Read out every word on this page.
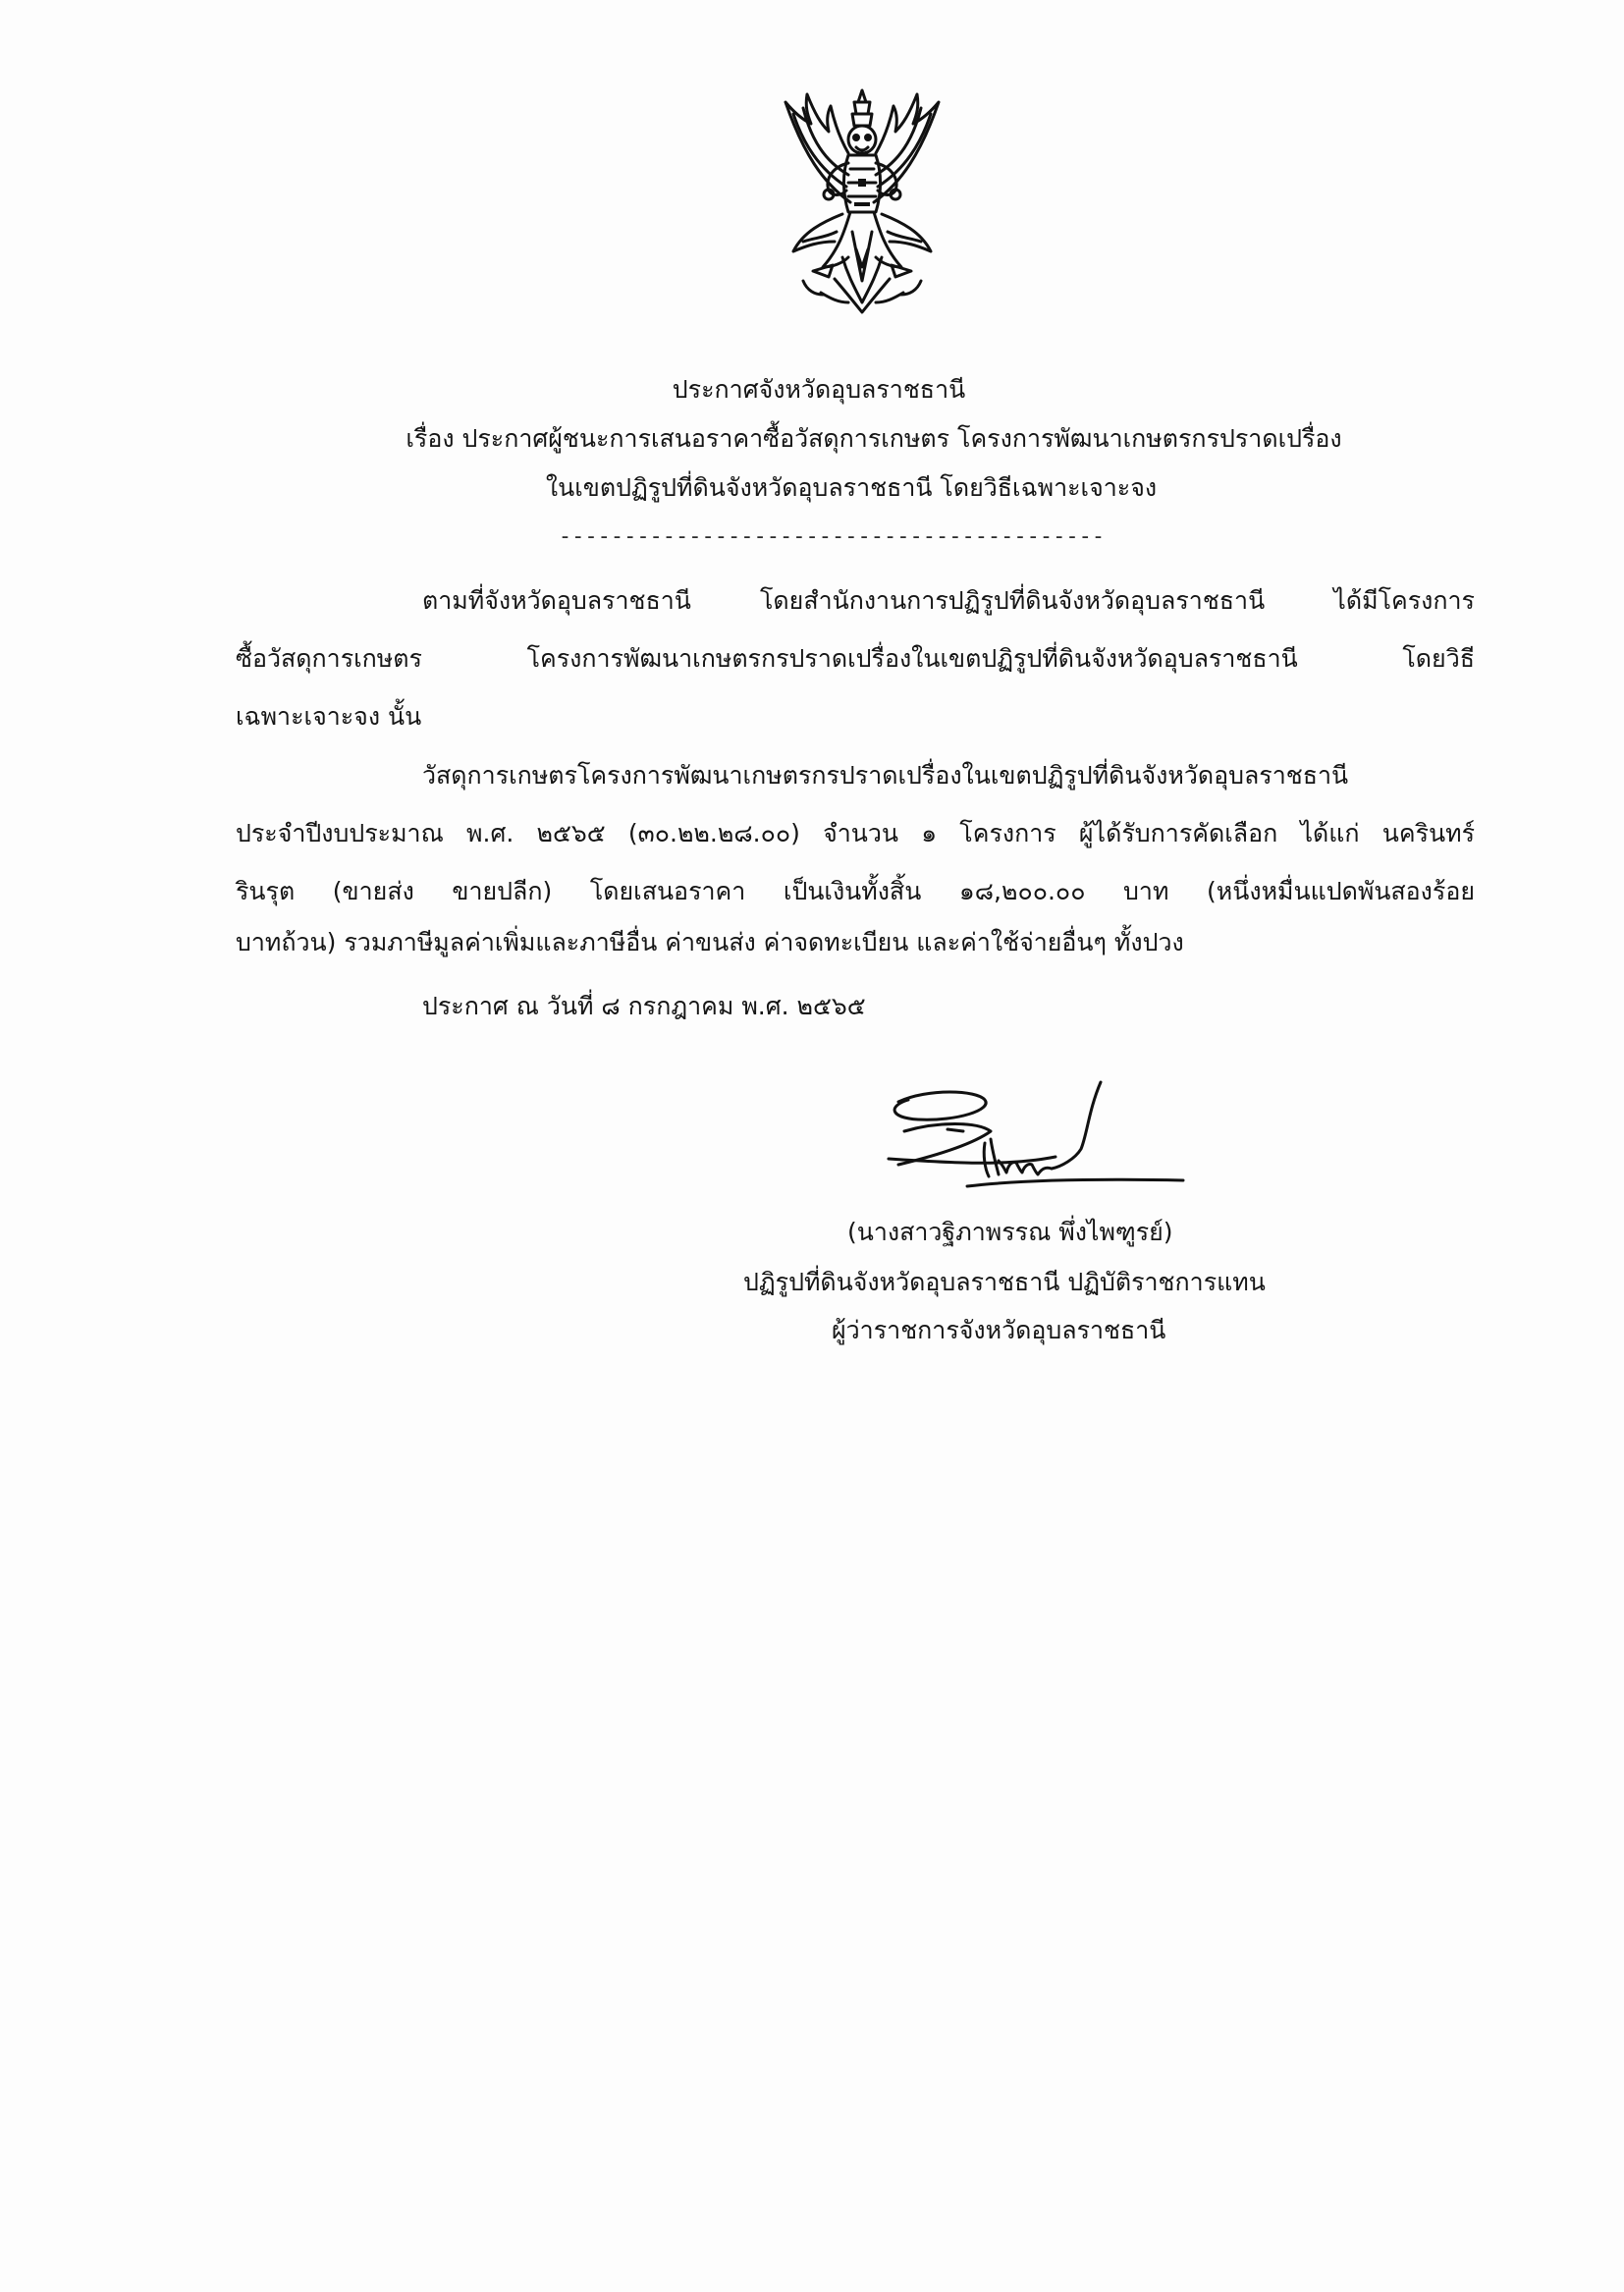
ประกาศจังหวัดอุบลราชธานี
เรื่อง ประกาศผู้ชนะการเสนอราคาซื้อวัสดุการเกษตร โครงการพัฒนาเกษตรกรปราดเปรื่อง
ในเขตปฏิรูปที่ดินจังหวัดอุบลราชธานี โดยวิธีเฉพาะเจาะจง
------------------------------------------
ตามที่จังหวัดอุบลราชธานี โดยสำนักงานการปฏิรูปที่ดินจังหวัดอุบลราชธานี ได้มีโครงการ
ซื้อวัสดุการเกษตร โครงการพัฒนาเกษตรกรปราดเปรื่องในเขตปฏิรูปที่ดินจังหวัดอุบลราชธานี โดยวิธี
เฉพาะเจาะจง นั้น
วัสดุการเกษตรโครงการพัฒนาเกษตรกรปราดเปรื่องในเขตปฏิรูปที่ดินจังหวัดอุบลราชธานี
ประจำปีงบประมาณ พ.ศ. ๒๕๖๕ (๓๐.๒๒.๒๘.๐๐) จำนวน ๑ โครงการ ผู้ได้รับการคัดเลือก ได้แก่ นครินทร์
รินรุต (ขายส่ง ขายปลีก) โดยเสนอราคา เป็นเงินทั้งสิ้น ๑๘,๒๐๐.๐๐ บาท (หนึ่งหมื่นแปดพันสองร้อย
บาทถ้วน) รวมภาษีมูลค่าเพิ่มและภาษีอื่น ค่าขนส่ง ค่าจดทะเบียน และค่าใช้จ่ายอื่นๆ ทั้งปวง
ประกาศ ณ วันที่ ๘ กรกฎาคม พ.ศ. ๒๕๖๕
(นางสาวฐิภาพรรณ พึ่งไพฑูรย์)
ปฏิรูปที่ดินจังหวัดอุบลราชธานี ปฏิบัติราชการแทน
ผู้ว่าราชการจังหวัดอุบลราชธานี
